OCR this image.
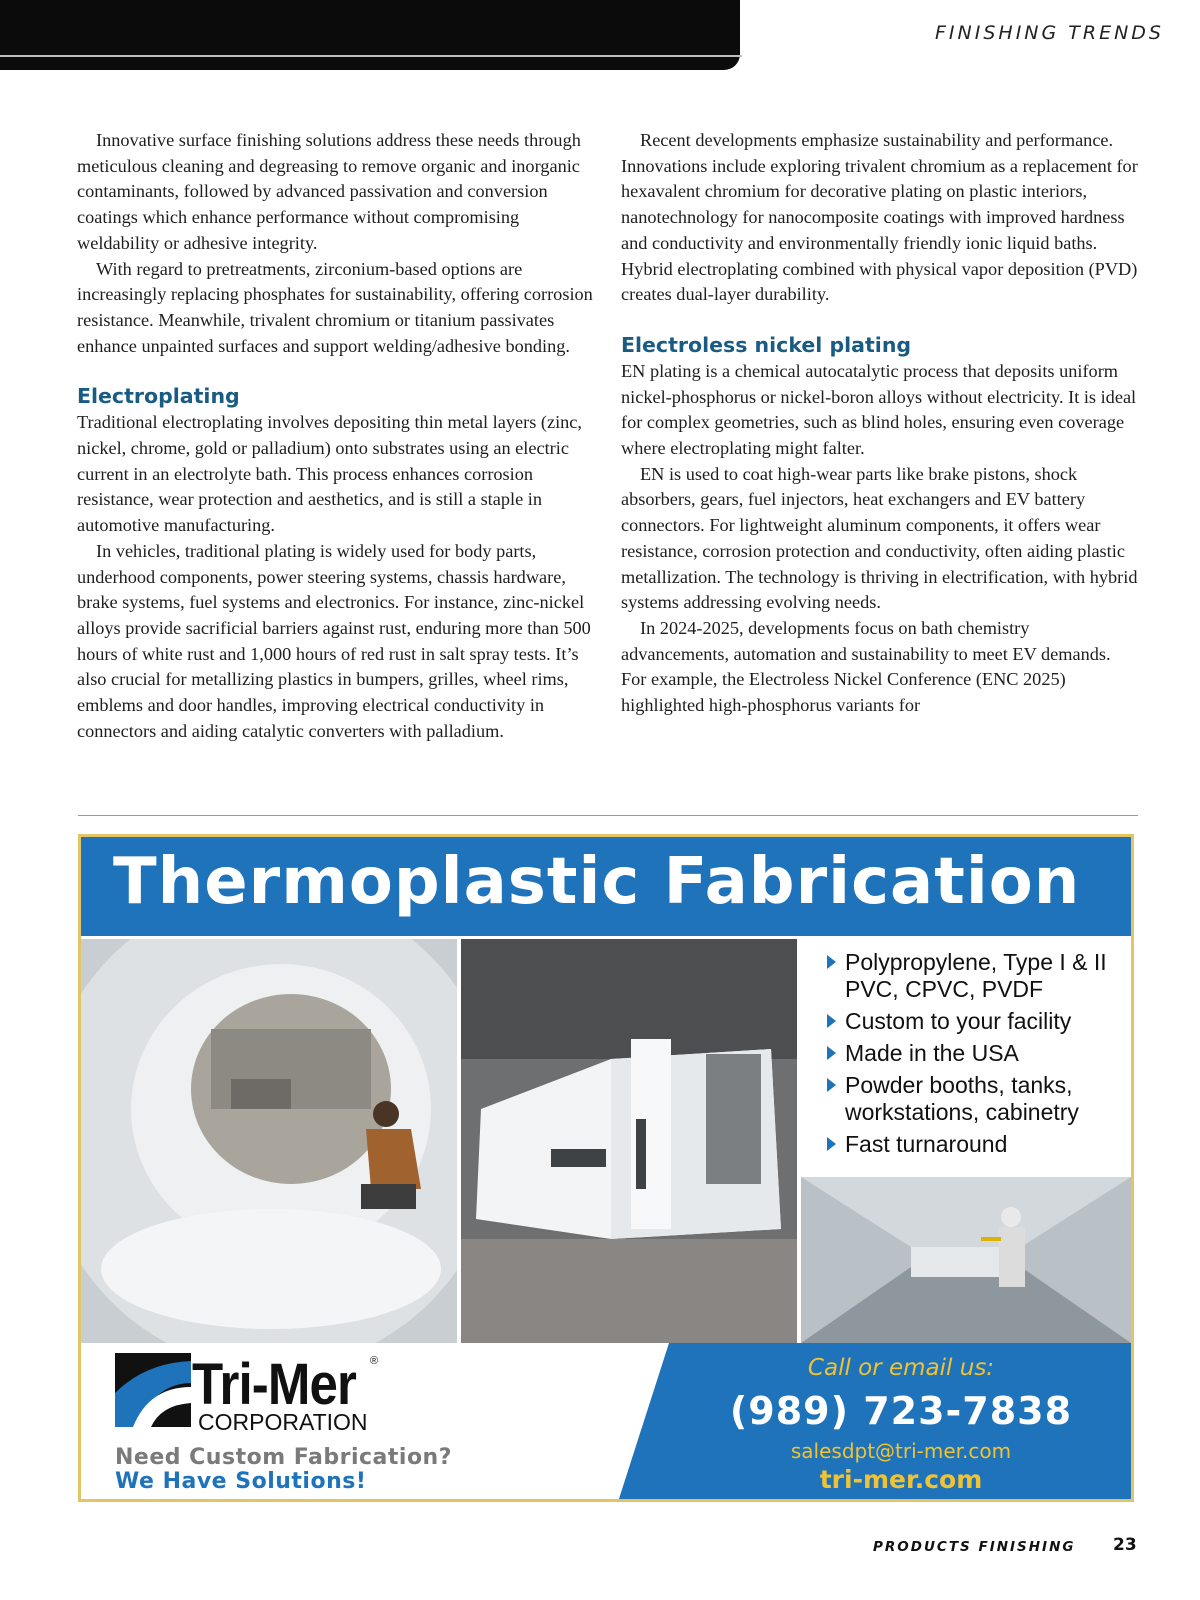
FINISHING TRENDS

Innovative surface finishing solutions address these needs through meticulous cleaning and degreasing to remove organic and inorganic contaminants, followed by advanced passivation and conversion coatings which enhance performance without compromising weldability or adhesive integrity.

With regard to pretreatments, zirconium-based options are increasingly replacing phosphates for sustainability, offering corrosion resistance. Meanwhile, trivalent chromium or titanium passivates enhance unpainted surfaces and support welding/adhesive bonding.

Electroplating

Traditional electroplating involves depositing thin metal layers (zinc, nickel, chrome, gold or palladium) onto substrates using an electric current in an electrolyte bath. This process enhances corrosion resistance, wear protection and aesthetics, and is still a staple in automotive manufacturing.

In vehicles, traditional plating is widely used for body parts, underhood components, power steering systems, chassis hardware, brake systems, fuel systems and electronics. For instance, zinc-nickel alloys provide sacrificial barriers against rust, enduring more than 500 hours of white rust and 1,000 hours of red rust in salt spray tests. It’s also crucial for metallizing plastics in bumpers, grilles, wheel rims, emblems and door handles, improving electrical conductivity in connectors and aiding catalytic converters with palladium.

Recent developments emphasize sustainability and performance. Innovations include exploring trivalent chromium as a replacement for hexavalent chromium for decorative plating on plastic interiors, nanotechnology for nanocomposite coatings with improved hardness and conductivity and environmentally friendly ionic liquid baths. Hybrid electroplating combined with physical vapor deposition (PVD) creates dual-layer durability.

Electroless nickel plating

EN plating is a chemical autocatalytic process that deposits uniform nickel-phosphorus or nickel-boron alloys without electricity. It is ideal for complex geometries, such as blind holes, ensuring even coverage where electroplating might falter.

EN is used to coat high-wear parts like brake pistons, shock absorbers, gears, fuel injectors, heat exchangers and EV battery connectors. For lightweight aluminum components, it offers wear resistance, corrosion protection and conductivity, often aiding plastic metallization. The technology is thriving in electrification, with hybrid systems addressing evolving needs.

In 2024-2025, developments focus on bath chemistry advancements, automation and sustainability to meet EV demands. For example, the Electroless Nickel Conference (ENC 2025) highlighted high-phosphorus variants for

Thermoplastic Fabrication
Polypropylene, Type I & II PVC, CPVC, PVDF
Custom to your facility
Made in the USA
Powder booths, tanks, workstations, cabinetry
Fast turnaround
Tri-Mer ®
CORPORATION
Need Custom Fabrication?
We Have Solutions!
Call or email us:
(989) 723-7838
salesdpt@tri-mer.com
tri-mer.com
PRODUCTS FINISHING 23
